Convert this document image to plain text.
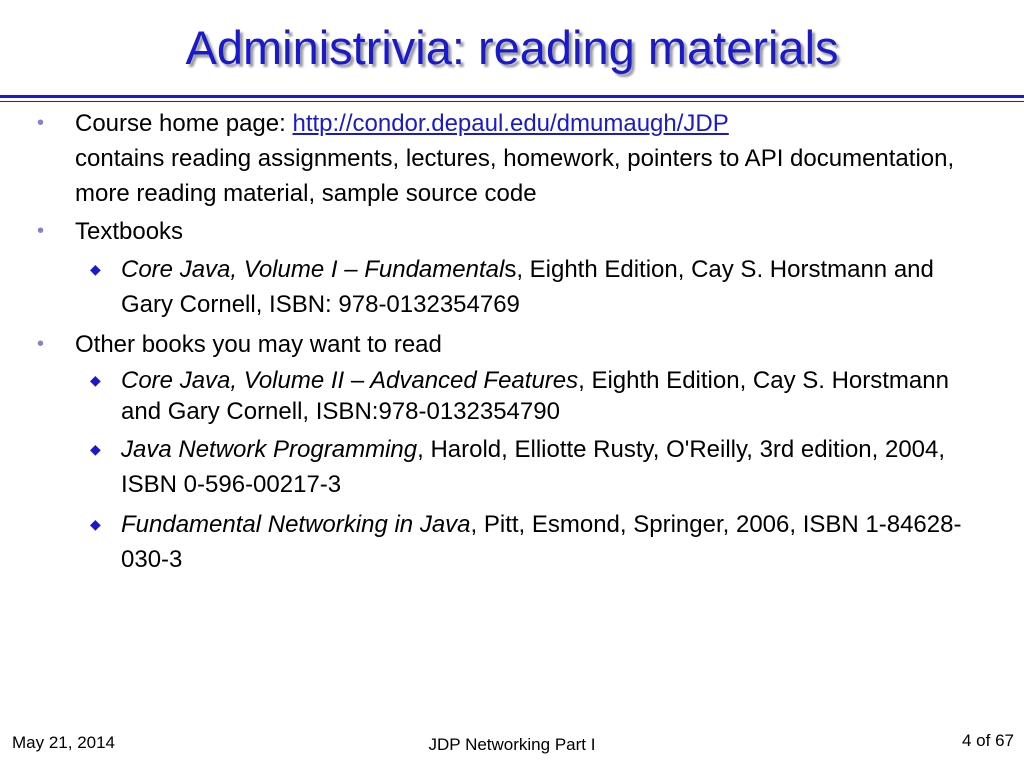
Administrivia: reading materials
• Course home page: http://condor.depaul.edu/dmumaugh/JDP
contains reading assignments, lectures, homework, pointers to API documentation, more reading material, sample source code
• Textbooks
◆ Core Java, Volume I – Fundamentals, Eighth Edition, Cay S. Horstmann and Gary Cornell, ISBN: 978-0132354769
• Other books you may want to read
◆ Core Java, Volume II – Advanced Features, Eighth Edition, Cay S. Horstmann and Gary Cornell, ISBN:978-0132354790
◆ Java Network Programming, Harold, Elliotte Rusty, O'Reilly, 3rd edition, 2004, ISBN 0-596-00217-3
◆ Fundamental Networking in Java, Pitt, Esmond, Springer, 2006, ISBN 1-84628-030-3
May 21, 2014	JDP Networking Part I	4 of 67
